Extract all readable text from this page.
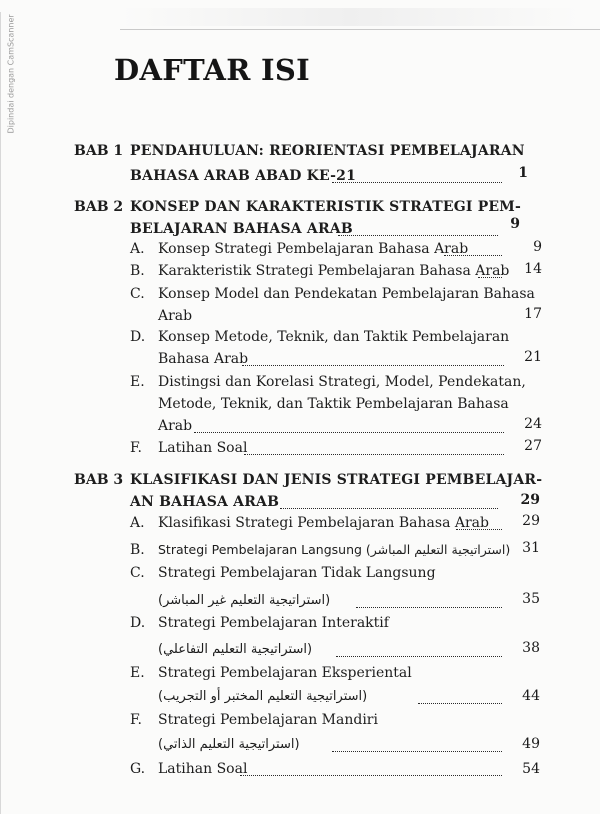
Dipindai dengan CamScanner	DAFTAR ISI
BAB 1 PENDAHULUAN: REORIENTASI PEMBELAJARAN
BAHASA ARAB ABAD KE-21	1
BAB 2 KONSEP DAN KARAKTERISTIK STRATEGI PEM-
BELAJARAN BAHASA ARAB	9
A. Konsep Strategi Pembelajaran Bahasa Arab	9
B. Karakteristik Strategi Pembelajaran Bahasa Arab	14
C. Konsep Model dan Pendekatan Pembelajaran Bahasa
Arab	17
D. Konsep Metode, Teknik, dan Taktik Pembelajaran
Bahasa Arab	21
E. Distingsi dan Korelasi Strategi, Model, Pendekatan,
Metode, Teknik, dan Taktik Pembelajaran Bahasa
Arab	24
F. Latihan Soal	27
BAB 3 KLASIFIKASI DAN JENIS STRATEGI PEMBELAJAR-
AN BAHASA ARAB	29
A. Klasifikasi Strategi Pembelajaran Bahasa Arab	29
B. Strategi Pembelajaran Langsung (استراتيجية التعليم المباشر) 31
C. Strategi Pembelajaran Tidak Langsung
(استراتيجية التعليم غير المباشر)	35
D. Strategi Pembelajaran Interaktif
(استراتيجية التعليم التفاعلي)	38
E. Strategi Pembelajaran Eksperiental
(استراتيجية التعليم المختبر أو التجريب)	44
F. Strategi Pembelajaran Mandiri
(استراتيجية التعليم الذاتي)	49
G. Latihan Soal	54
